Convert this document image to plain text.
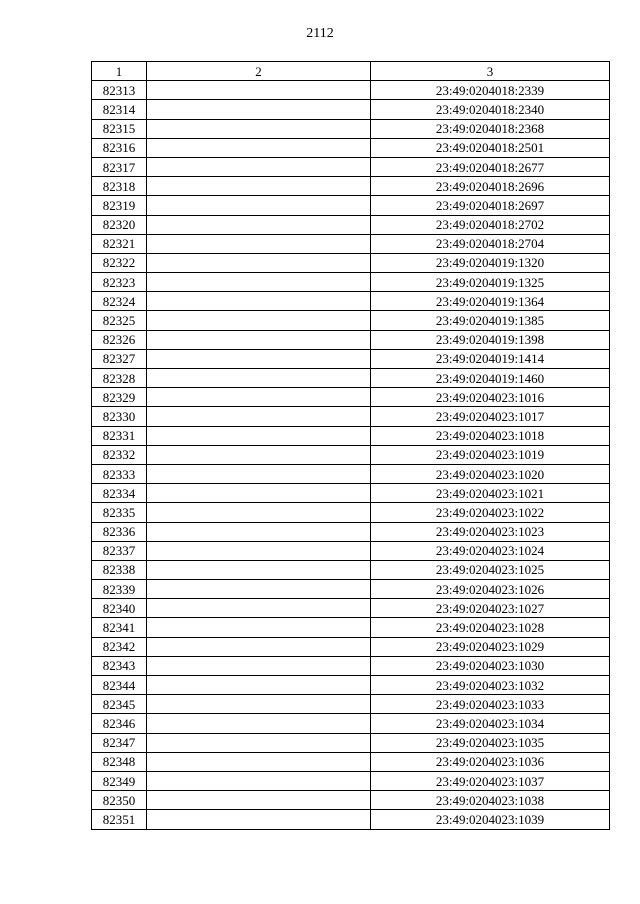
2112
1	2	3
82313		23:49:0204018:2339
82314		23:49:0204018:2340
82315		23:49:0204018:2368
82316		23:49:0204018:2501
82317		23:49:0204018:2677
82318		23:49:0204018:2696
82319		23:49:0204018:2697
82320		23:49:0204018:2702
82321		23:49:0204018:2704
82322		23:49:0204019:1320
82323		23:49:0204019:1325
82324		23:49:0204019:1364
82325		23:49:0204019:1385
82326		23:49:0204019:1398
82327		23:49:0204019:1414
82328		23:49:0204019:1460
82329		23:49:0204023:1016
82330		23:49:0204023:1017
82331		23:49:0204023:1018
82332		23:49:0204023:1019
82333		23:49:0204023:1020
82334		23:49:0204023:1021
82335		23:49:0204023:1022
82336		23:49:0204023:1023
82337		23:49:0204023:1024
82338		23:49:0204023:1025
82339		23:49:0204023:1026
82340		23:49:0204023:1027
82341		23:49:0204023:1028
82342		23:49:0204023:1029
82343		23:49:0204023:1030
82344		23:49:0204023:1032
82345		23:49:0204023:1033
82346		23:49:0204023:1034
82347		23:49:0204023:1035
82348		23:49:0204023:1036
82349		23:49:0204023:1037
82350		23:49:0204023:1038
82351		23:49:0204023:1039
